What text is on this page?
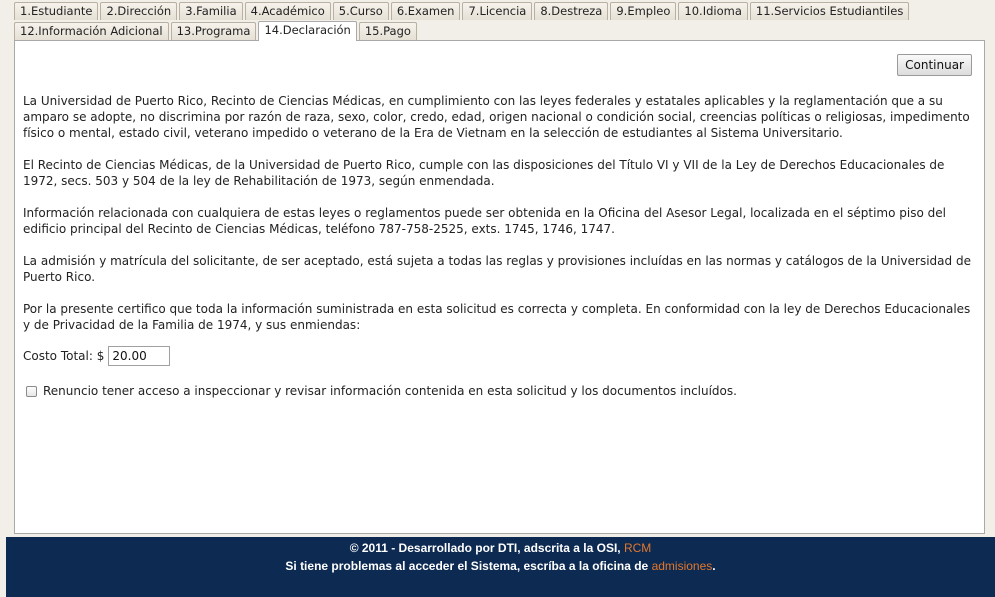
1.Estudiante	2.Dirección	3.Familia	4.Académico	5.Curso	6.Examen	7.Licencia	8.Destreza	9.Empleo	10.Idioma	11.Servicios Estudiantiles
12.Información Adicional	13.Programa	14.Declaración	15.Pago
Continuar

La Universidad de Puerto Rico, Recinto de Ciencias Médicas, en cumplimiento con las leyes federales y estatales aplicables y la reglamentación que a su amparo se adopte, no discrimina por razón de raza, sexo, color, credo, edad, origen nacional o condición social, creencias políticas o religiosas, impedimento físico o mental, estado civil, veterano impedido o veterano de la Era de Vietnam en la selección de estudiantes al Sistema Universitario.

El Recinto de Ciencias Médicas, de la Universidad de Puerto Rico, cumple con las disposiciones del Título VI y VII de la Ley de Derechos Educacionales de 1972, secs. 503 y 504 de la ley de Rehabilitación de 1973, según enmendada.

Información relacionada con cualquiera de estas leyes o reglamentos puede ser obtenida en la Oficina del Asesor Legal, localizada en el séptimo piso del edificio principal del Recinto de Ciencias Médicas, teléfono 787-758-2525, exts. 1745, 1746, 1747.

La admisión y matrícula del solicitante, de ser aceptado, está sujeta a todas las reglas y provisiones incluídas en las normas y catálogos de la Universidad de Puerto Rico.

Por la presente certifico que toda la información suministrada en esta solicitud es correcta y completa. En conformidad con la ley de Derechos Educacionales y de Privacidad de la Familia de 1974, y sus enmiendas:

Costo Total: $
20.00
Renuncio tener acceso a inspeccionar y revisar información contenida en esta solicitud y los documentos incluídos.
© 2011 - Desarrollado por DTI, adscrita a la OSI, RCM
Si tiene problemas al acceder el Sistema, escríba a la oficina de admisiones.
